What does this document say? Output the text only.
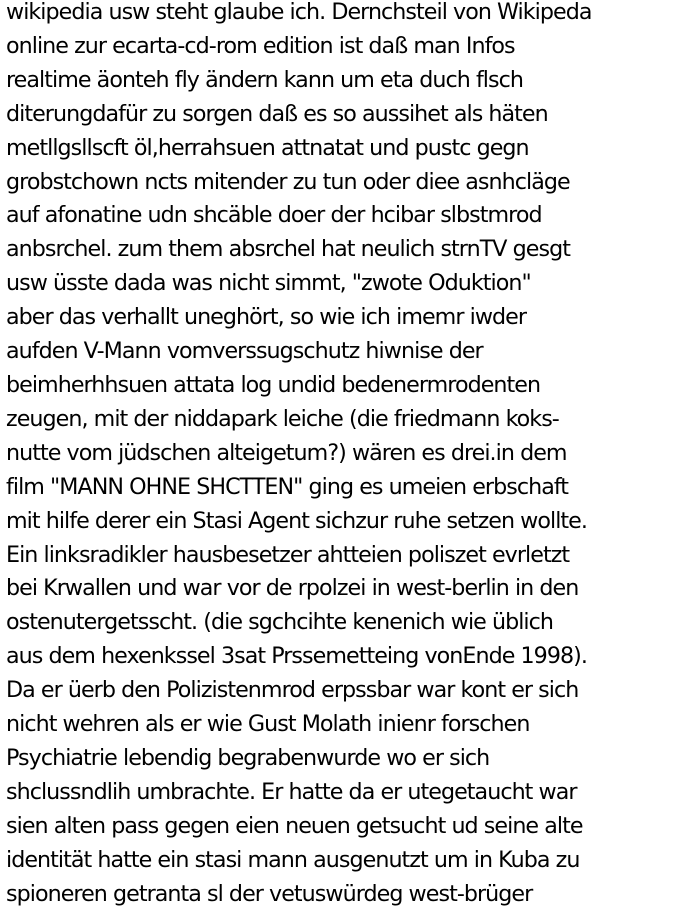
wikipedia usw steht glaube ich. Dernchsteil von Wikipeda
online zur ecarta-cd-rom edition ist daß man Infos
realtime äonteh fly ändern kann um eta duch flsch
diterungdafür zu sorgen daß es so aussihet als häten
metllgsllscft öl,herrahsuen attnatat und pustc gegn
grobstchown ncts mitender zu tun oder diee asnhcläge
auf afonatine udn shcäble doer der hcibar slbstmrod
anbsrchel. zum them absrchel hat neulich strnTV gesgt
usw üsste dada was nicht simmt, "zwote Oduktion"
aber das verhallt uneghört, so wie ich imemr iwder
aufden V-Mann vomverssugschutz hiwnise der
beimherhhsuen attata log undid bedenermrodenten
zeugen, mit der niddapark leiche (die friedmann koks-
nutte vom jüdschen alteigetum?) wären es drei.in dem
film "MANN OHNE SHCTTEN" ging es umeien erbschaft
mit hilfe derer ein Stasi Agent sichzur ruhe setzen wollte.
Ein linksradikler hausbesetzer ahtteien poliszet evrletzt
bei Krwallen und war vor de rpolzei in west-berlin in den
ostenutergetsscht. (die sgchcihte kenenich wie üblich
aus dem hexenkssel 3sat Prssemetteing vonEnde 1998).
Da er üerb den Polizistenmrod erpssbar war kont er sich
nicht wehren als er wie Gust Molath inienr forschen
Psychiatrie lebendig begrabenwurde wo er sich
shclussndlih umbrachte. Er hatte da er utegetaucht war
sien alten pass gegen eien neuen getsucht ud seine alte
identität hatte ein stasi mann ausgenutzt um in Kuba zu
spioneren getranta sl der vetuswürdeg west-brüger
